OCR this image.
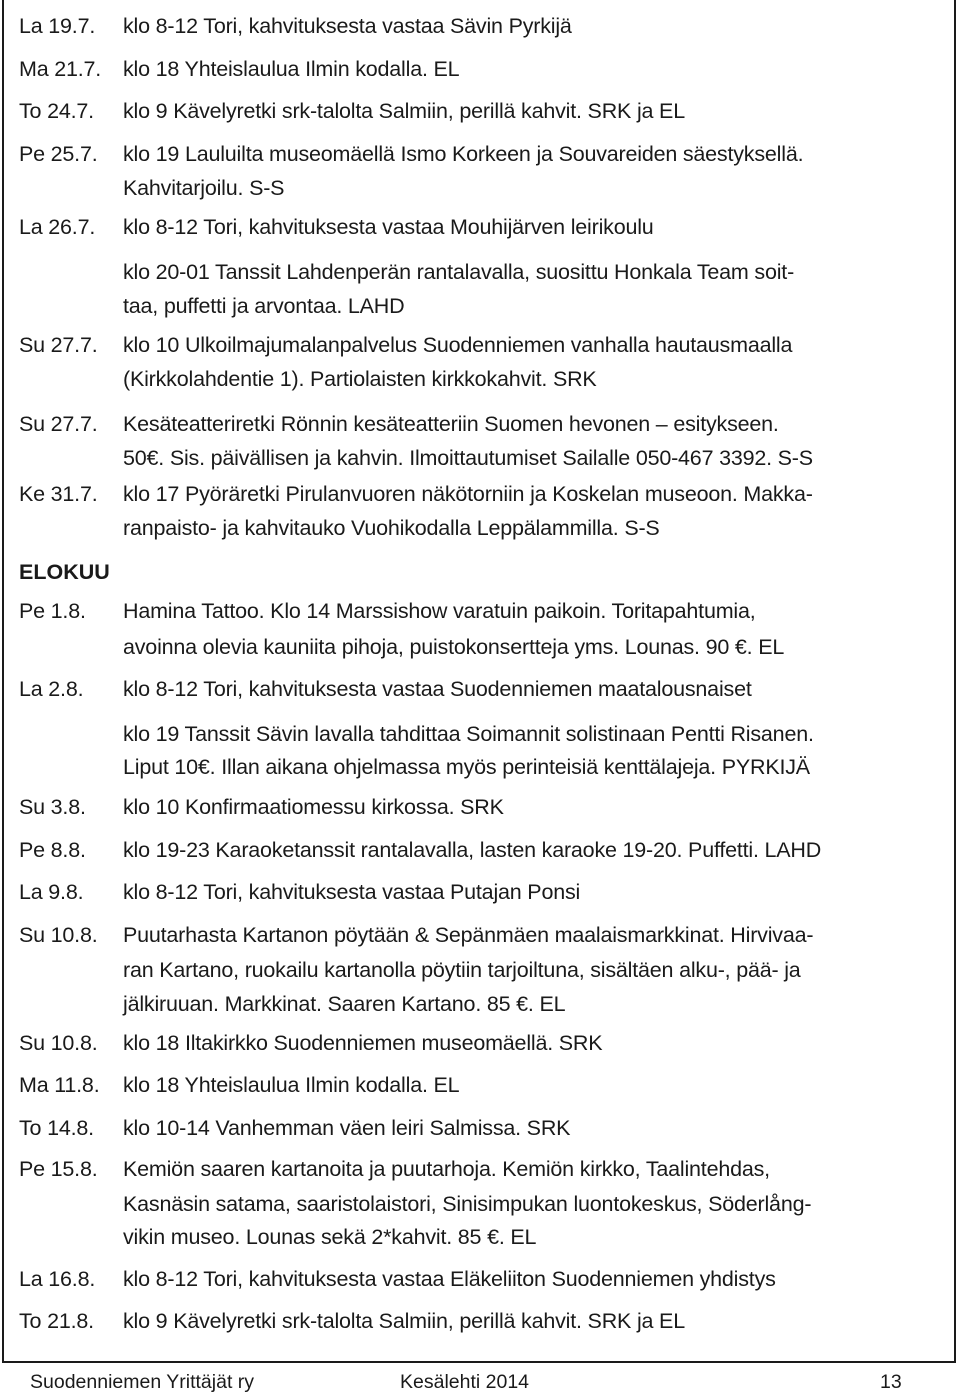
La 19.7. klo 8-12 Tori, kahvituksesta vastaa Sävin Pyrkijä
Ma 21.7. klo 18 Yhteislaulua Ilmin kodalla. EL
To 24.7. klo 9 Kävelyretki srk-talolta Salmiin, perillä kahvit. SRK ja EL
Pe 25.7. klo 19 Lauluilta museomäellä Ismo Korkeen ja Souvareiden säestyksellä.
Kahvitarjoilu. S-S
La 26.7. klo 8-12 Tori, kahvituksesta vastaa Mouhijärven leirikoulu
klo 20-01 Tanssit Lahdenperän rantalavalla, suosittu Honkala Team soit-
taa, puffetti ja arvontaa. LAHD
Su 27.7. klo 10 Ulkoilmajumalanpalvelus Suodenniemen vanhalla hautausmaalla
(Kirkkolahdentie 1). Partiolaisten kirkkokahvit. SRK
Su 27.7. Kesäteatteriretki Rönnin kesäteatteriin Suomen hevonen – esitykseen.
50€. Sis. päivällisen ja kahvin. Ilmoittautumiset Sailalle 050-467 3392. S-S
Ke 31.7. klo 17 Pyöräretki Pirulanvuoren näkötorniin ja Koskelan museoon. Makka-
ranpaisto- ja kahvitauko Vuohikodalla Leppälammilla. S-S
Pe 1.8. Hamina Tattoo. Klo 14 Marssishow varatuin paikoin. Toritapahtumia,
avoinna olevia kauniita pihoja, puistokonsertteja yms. Lounas. 90 €. EL
La 2.8. klo 8-12 Tori, kahvituksesta vastaa Suodenniemen maatalousnaiset
klo 19 Tanssit Sävin lavalla tahdittaa Soimannit solistinaan Pentti Risanen.
Liput 10€. Illan aikana ohjelmassa myös perinteisiä kenttälajeja. PYRKIJÄ
Su 3.8. klo 10 Konfirmaatiomessu kirkossa. SRK
Pe 8.8. klo 19-23 Karaoketanssit rantalavalla, lasten karaoke 19-20. Puffetti. LAHD
La 9.8. klo 8-12 Tori, kahvituksesta vastaa Putajan Ponsi
Su 10.8. Puutarhasta Kartanon pöytään & Sepänmäen maalaismarkkinat. Hirvivaa-
ran Kartano, ruokailu kartanolla pöytiin tarjoiltuna, sisältäen alku-, pää- ja
jälkiruuan. Markkinat. Saaren Kartano. 85 €. EL
Su 10.8. klo 18 Iltakirkko Suodenniemen museomäellä. SRK
Ma 11.8. klo 18 Yhteislaulua Ilmin kodalla. EL
To 14.8. klo 10-14 Vanhemman väen leiri Salmissa. SRK
Pe 15.8. Kemiön saaren kartanoita ja puutarhoja. Kemiön kirkko, Taalintehdas,
Kasnäsin satama, saaristolaistori, Sinisimpukan luontokeskus, Söderlång-
vikin museo. Lounas sekä 2*kahvit. 85 €. EL
La 16.8. klo 8-12 Tori, kahvituksesta vastaa Eläkeliiton Suodenniemen yhdistys
To 21.8. klo 9 Kävelyretki srk-talolta Salmiin, perillä kahvit. SRK ja EL
ELOKUU
Suodenniemen Yrittäjät ry	Kesälehti 2014	13
